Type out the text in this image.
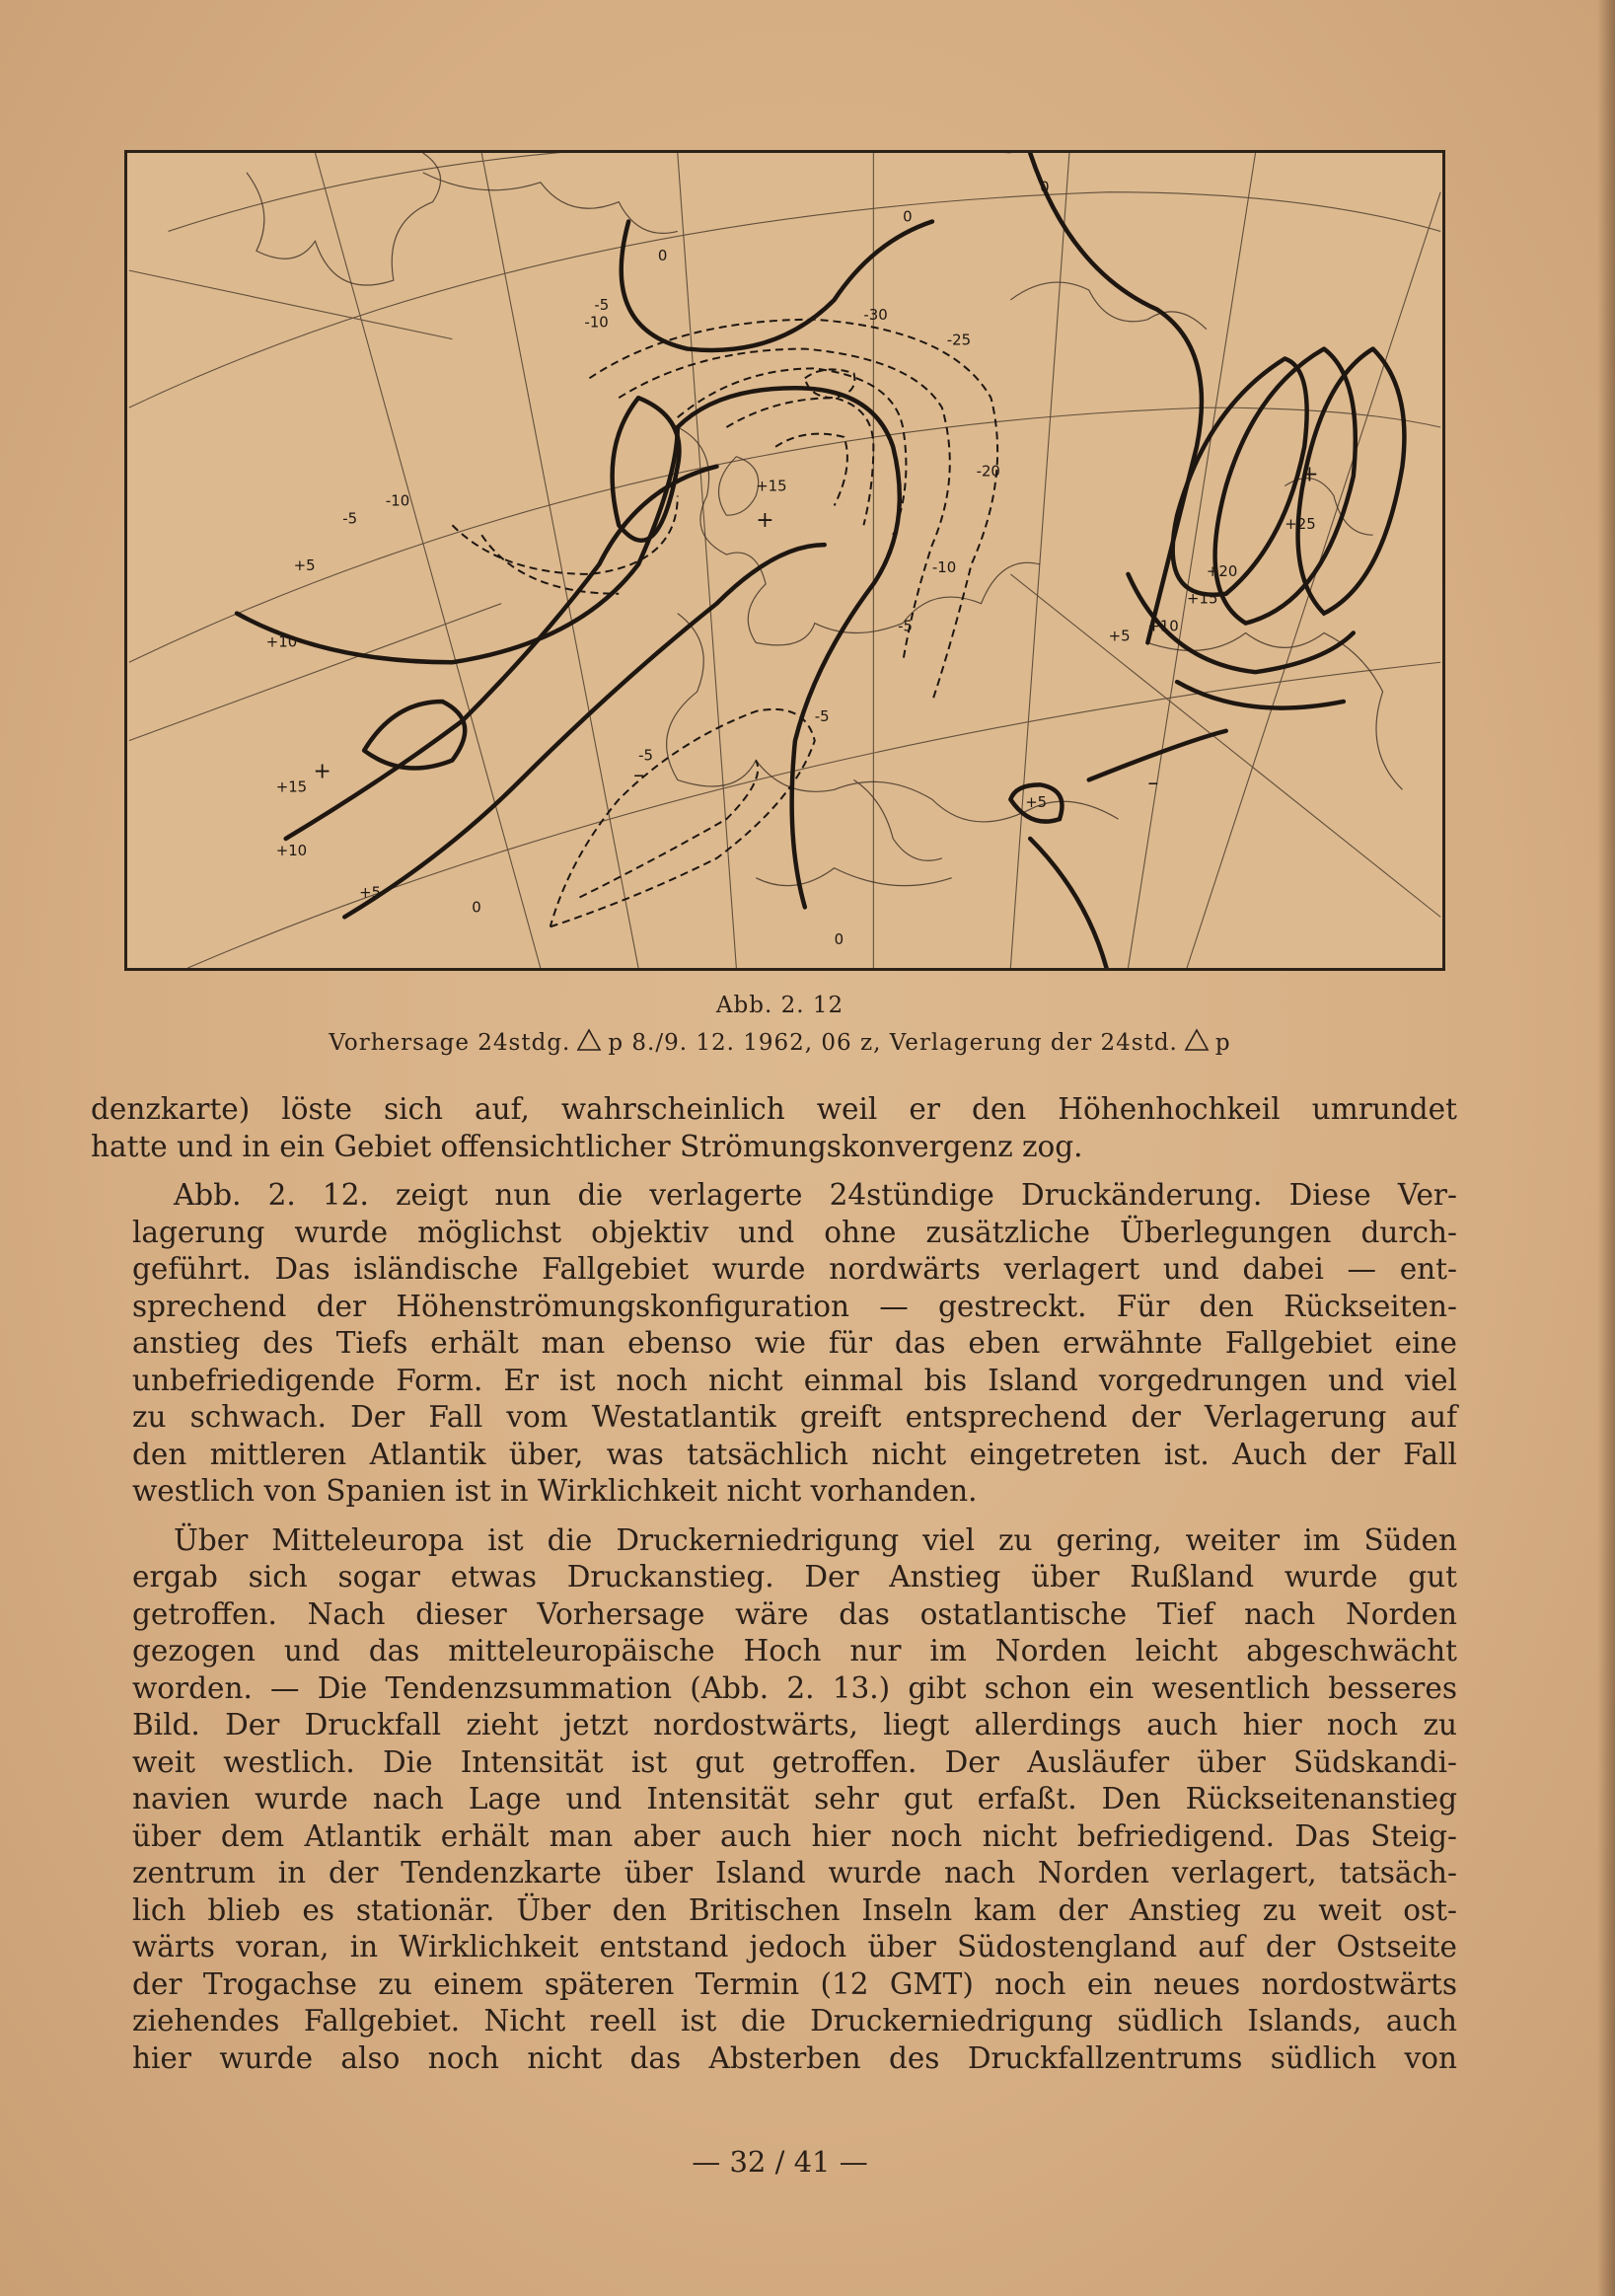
0
0
0
0
0
-5
-10	-30
-25
-20
-10
-5
-10
-5
+5
+10
+15
+15
+10
+5
+5
+10
+15
+20
+25
+5
-5
-5
+
+
+	–	–
Abb. 2. 12
Vorhersage 24stdg. p 8./9. 12. 1962, 06 z, Verlagerung der 24std. p

denzkarte) löste sich auf, wahrscheinlich weil er den Höhenhochkeil umrundet
hatte und in ein Gebiet offensichtlicher Strömungskonvergenz zog.

Abb. 2. 12. zeigt nun die verlagerte 24stündige Druckänderung. Diese Ver-
lagerung wurde möglichst objektiv und ohne zusätzliche Überlegungen durch-
geführt. Das isländische Fallgebiet wurde nordwärts verlagert und dabei — ent-
sprechend der Höhenströmungskonfiguration — gestreckt. Für den Rückseiten-
anstieg des Tiefs erhält man ebenso wie für das eben erwähnte Fallgebiet eine
unbefriedigende Form. Er ist noch nicht einmal bis Island vorgedrungen und viel
zu schwach. Der Fall vom Westatlantik greift entsprechend der Verlagerung auf
den mittleren Atlantik über, was tatsächlich nicht eingetreten ist. Auch der Fall
westlich von Spanien ist in Wirklichkeit nicht vorhanden.

Über Mitteleuropa ist die Druckerniedrigung viel zu gering, weiter im Süden
ergab sich sogar etwas Druckanstieg. Der Anstieg über Rußland wurde gut
getroffen. Nach dieser Vorhersage wäre das ostatlantische Tief nach Norden
gezogen und das mitteleuropäische Hoch nur im Norden leicht abgeschwächt
worden. — Die Tendenzsummation (Abb. 2. 13.) gibt schon ein wesentlich besseres
Bild. Der Druckfall zieht jetzt nordostwärts, liegt allerdings auch hier noch zu
weit westlich. Die Intensität ist gut getroffen. Der Ausläufer über Südskandi-
navien wurde nach Lage und Intensität sehr gut erfaßt. Den Rückseitenanstieg
über dem Atlantik erhält man aber auch hier noch nicht befriedigend. Das Steig-
zentrum in der Tendenzkarte über Island wurde nach Norden verlagert, tatsäch-
lich blieb es stationär. Über den Britischen Inseln kam der Anstieg zu weit ost-
wärts voran, in Wirklichkeit entstand jedoch über Südostengland auf der Ostseite
der Trogachse zu einem späteren Termin (12 GMT) noch ein neues nordostwärts
ziehendes Fallgebiet. Nicht reell ist die Druckerniedrigung südlich Islands, auch
hier wurde also noch nicht das Absterben des Druckfallzentrums südlich von

— 32 / 41 —
